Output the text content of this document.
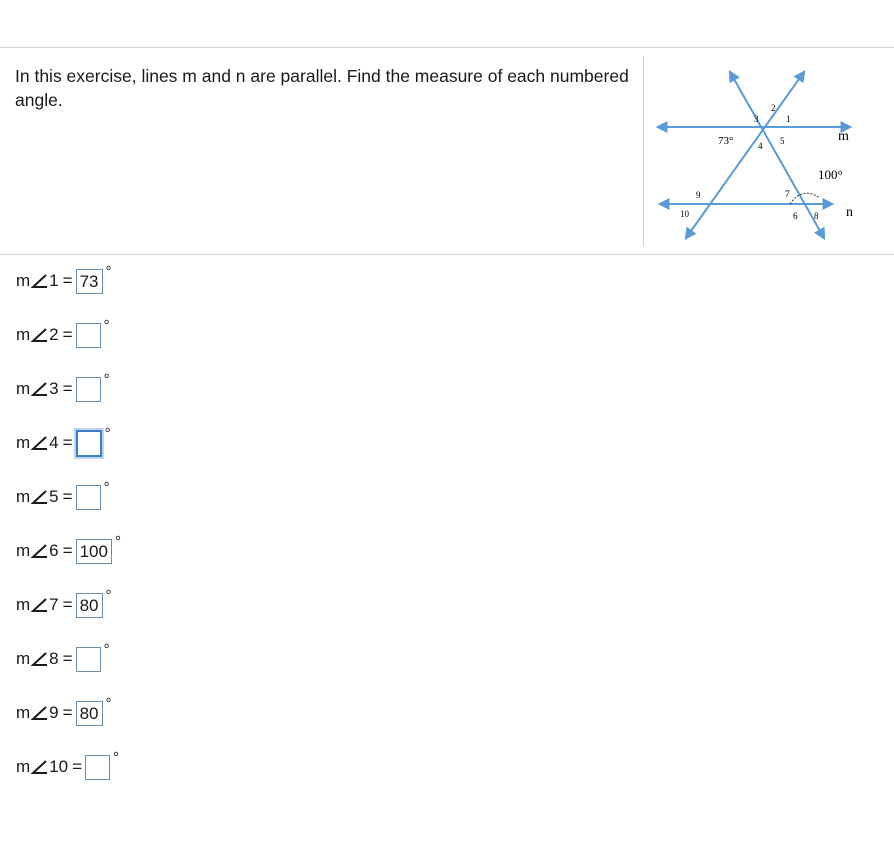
In this exercise, lines m and n are parallel. Find the measure of each numbered angle.
3
2
1
73°	4 5	m
100°
9	7
10	6 8 n
m 1 = 73 °
m 2 = °
m 3 = °
m 4 = °
m 5 = °
m 6 = 100 °
m 7 = 80 °
m 8 = °
m 9 = 80 °
m 10 = °
